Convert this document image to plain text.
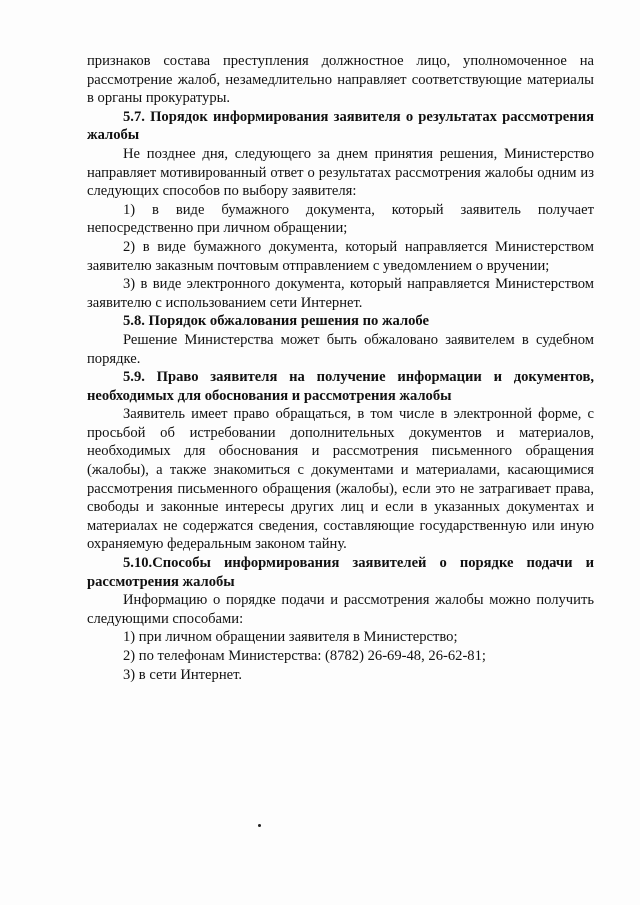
признаков состава преступления должностное лицо, уполномоченное на рассмотрение жалоб, незамедлительно направляет соответствующие материалы в органы прокуратуры.

5.7. Порядок информирования заявителя о результатах рассмотрения жалобы

Не позднее дня, следующего за днем принятия решения, Министерство направляет мотивированный ответ о результатах рассмотрения жалобы одним из следующих способов по выбору заявителя:

1) в виде бумажного документа, который заявитель получает непосредственно при личном обращении;

2) в виде бумажного документа, который направляется Министерством заявителю заказным почтовым отправлением с уведомлением о вручении;

3) в виде электронного документа, который направляется Министерством заявителю с использованием сети Интернет.

5.8. Порядок обжалования решения по жалобе

Решение Министерства может быть обжаловано заявителем в судебном порядке.

5.9. Право заявителя на получение информации и документов, необходимых для обоснования и рассмотрения жалобы

Заявитель имеет право обращаться, в том числе в электронной форме, с просьбой об истребовании дополнительных документов и материалов, необходимых для обоснования и рассмотрения письменного обращения (жалобы), а также знакомиться с документами и материалами, касающимися рассмотрения письменного обращения (жалобы), если это не затрагивает права, свободы и законные интересы других лиц и если в указанных документах и материалах не содержатся сведения, составляющие государственную или иную охраняемую федеральным законом тайну.

5.10.Способы информирования заявителей о порядке подачи и рассмотрения жалобы

Информацию о порядке подачи и рассмотрения жалобы можно получить следующими способами:

1) при личном обращении заявителя в Министерство;

2) по телефонам Министерства: (8782) 26-69-48, 26-62-81;

3) в сети Интернет.
